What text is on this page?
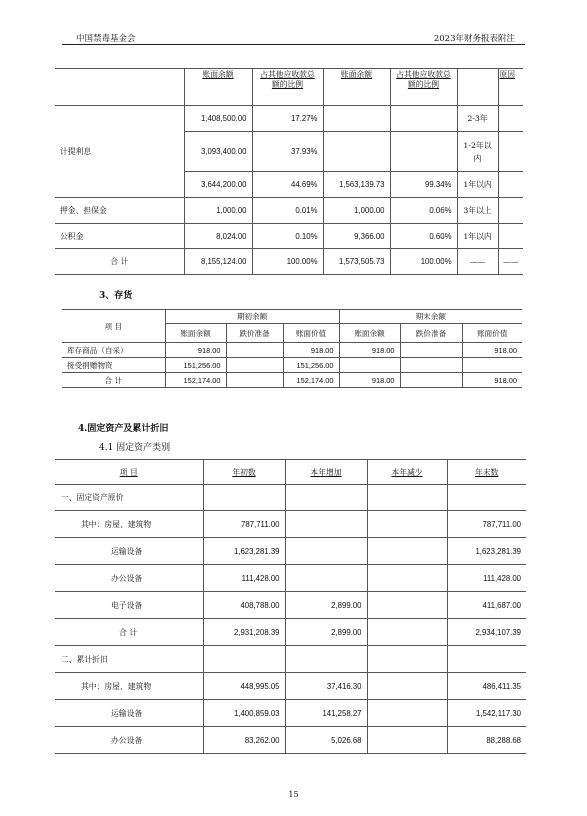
中国禁毒基金会	2023年财务报表附注
	账面余额	占其他应收款总额的比例	账面余额	占其他应收款总额的比例		原因
计提利息	1,408,500.00	17.27%			2-3年	
	3,093,400.00	37.93%			1-2年以内	
	3,644,200.00	44.69%	1,563,139.73	99.34%	1年以内	
押金、担保金	1,000.00	0.01%	1,000.00	0.06%	3年以上	
公积金	8,024.00	0.10%	9,366.00	0.60%	1年以内	
合 计	8,155,124.00	100.00%	1,573,505.73	100.00%	——	——
3、存货
项 目	期初余额			期末余额		
	账面余额	跌价准备	账面价值	账面余额	跌价准备	账面价值
库存商品（自采）	918.00		918.00	918.00		918.00
接受捐赠物资	151,256.00		151,256.00			
合 计	152,174.00		152,174.00	918.00		918.00
4.固定资产及累计折旧
4.1 固定资产类别
项 目	年初数	本年增加	本年减少	年末数
一、固定资产原价				
其中：房屋、建筑物	787,711.00			787,711.00
运输设备	1,623,281.39			1,623,281.39
办公设备	111,428.00			111,428.00
电子设备	408,788.00	2,899.00		411,687.00
合 计	2,931,208.39	2,899.00		2,934,107.39
二、累计折旧				
其中：房屋、建筑物	448,995.05	37,416.30		486,411.35
运输设备	1,400,859.03	141,258.27		1,542,117.30
办公设备	83,262.00	5,026.68		88,288.68
15
